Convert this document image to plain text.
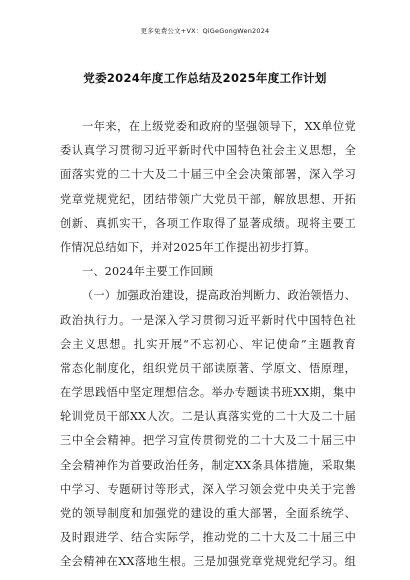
更多免费公文+VX：QiGeGongWen2024
党委2024年度工作总结及2025年度工作计划
一年来，在上级党委和政府的坚强领导下，XX单位党
委认真学习贯彻习近平新时代中国特色社会主义思想，全
面落实党的二十大及二十届三中全会决策部署，深入学习
党章党规党纪，团结带领广大党员干部，解放思想、开拓
创新、真抓实干，各项工作取得了显著成绩。现将主要工
作情况总结如下，并对2025年工作提出初步打算。
一、2024年主要工作回顾
（一）加强政治建设，提高政治判断力、政治领悟力、
政治执行力。一是深入学习贯彻习近平新时代中国特色社
会主义思想。扎实开展“不忘初心、牢记使命”主题教育
常态化制度化，组织党员干部读原著、学原文、悟原理，
在学思践悟中坚定理想信念。举办专题读书班XX期，集中
轮训党员干部XX人次。二是认真落实党的二十大及二十届
三中全会精神。把学习宣传贯彻党的二十大及二十届三中
全会精神作为首要政治任务，制定XX条具体措施，采取集
中学习、专题研讨等形式，深入学习领会党中央关于完善
党的领导制度和加强党的建设的重大部署，全面系统学、
及时跟进学、结合实际学，推动党的二十大及二十届三中
全会精神在XX落地生根。三是加强党章党规党纪学习。组
